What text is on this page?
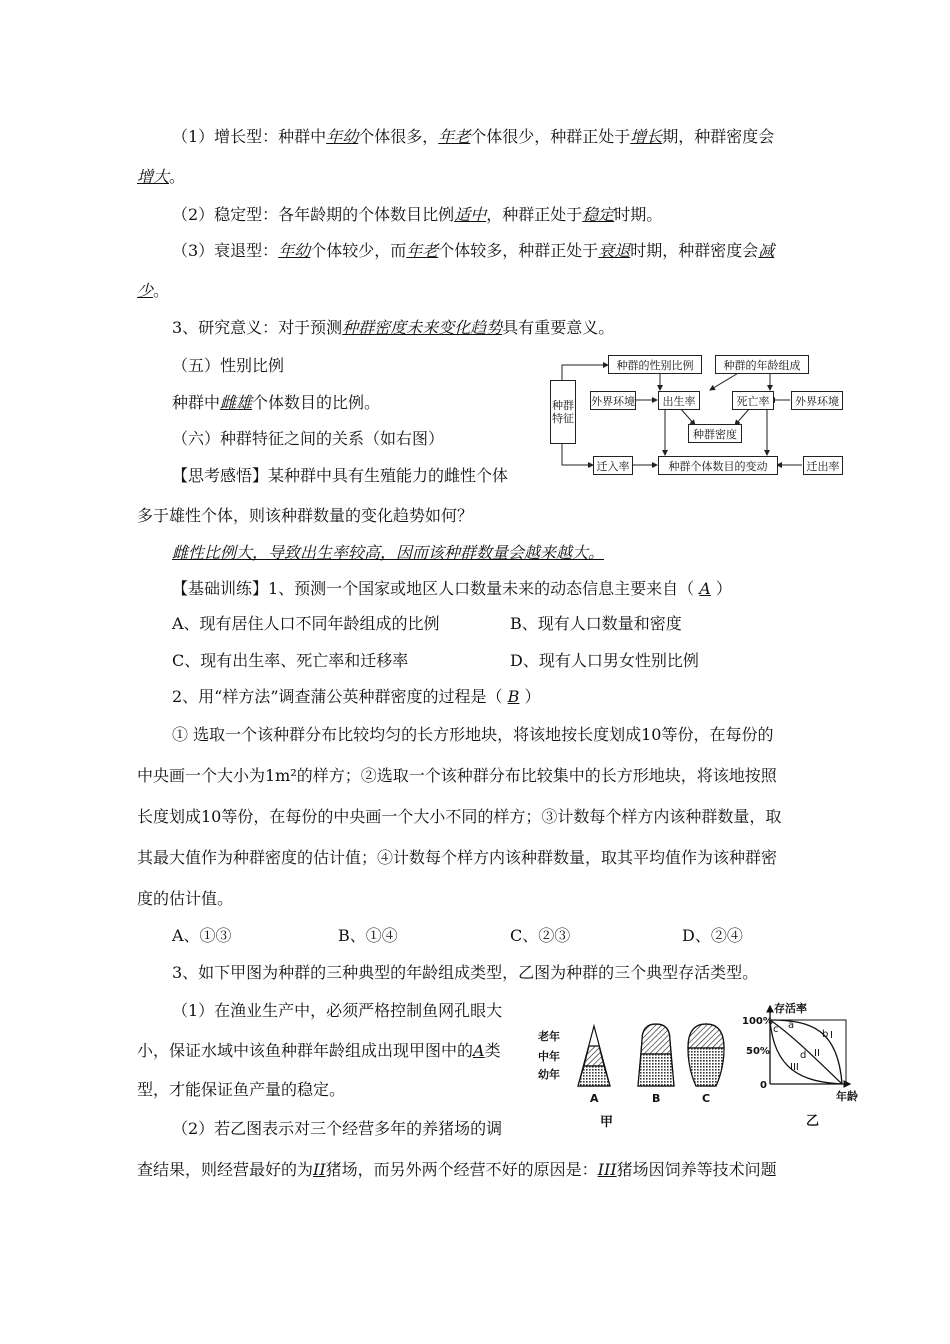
（1）增长型：种群中年幼个体很多，年老个体很少，种群正处于增长期，种群密度会
增大。
（2）稳定型：各年龄期的个体数目比例适中，种群正处于稳定时期。
（3）衰退型：年幼个体较少，而年老个体较多，种群正处于衰退时期，种群密度会减
少。
3、研究意义：对于预测种群密度未来变化趋势具有重要意义。
（五）性别比例
种群中雌雄个体数目的比例。
（六）种群特征之间的关系（如右图）
【思考感悟】某种群中具有生殖能力的雌性个体
多于雄性个体，则该种群数量的变化趋势如何？
雌性比例大，导致出生率较高，因而该种群数量会越来越大。
【基础训练】1、预测一个国家或地区人口数量未来的动态信息主要来自（ A ）
A、现有居住人口不同年龄组成的比例	B、现有人口数量和密度
C、现有出生率、死亡率和迁移率	D、现有人口男女性别比例
2、用“样方法”调查蒲公英种群密度的过程是（ B ）
① 选取一个该种群分布比较均匀的长方形地块，将该地按长度划成10等份，在每份的
中央画一个大小为1m²的样方；②选取一个该种群分布比较集中的长方形地块，将该地按照
长度划成10等份，在每份的中央画一个大小不同的样方；③计数每个样方内该种群数量，取
其最大值作为种群密度的估计值；④计数每个样方内该种群数量，取其平均值作为该种群密
度的估计值。
A、①③	B、①④	C、②③	D、②④
3、如下甲图为种群的三种典型的年龄组成类型，乙图为种群的三个典型存活类型。
（1）在渔业生产中，必须严格控制鱼网孔眼大
小，保证水域中该鱼种群年龄组成出现甲图中的A类
型，才能保证鱼产量的稳定。
（2）若乙图表示对三个经营多年的养猪场的调
查结果，则经营最好的为II猪场，而另外两个经营不好的原因是：III猪场因饲养等技术问题
种群特征
种群的性别比例	种群的年龄组成
外界环境	出生率	死亡率	外界环境
种群密度
迁入率	种群个体数目的变动	迁出率
老年
中年
幼年
A	B	C
甲
存活率
100%
50%
0
年龄
I
II
III
a
b
c
d
乙
